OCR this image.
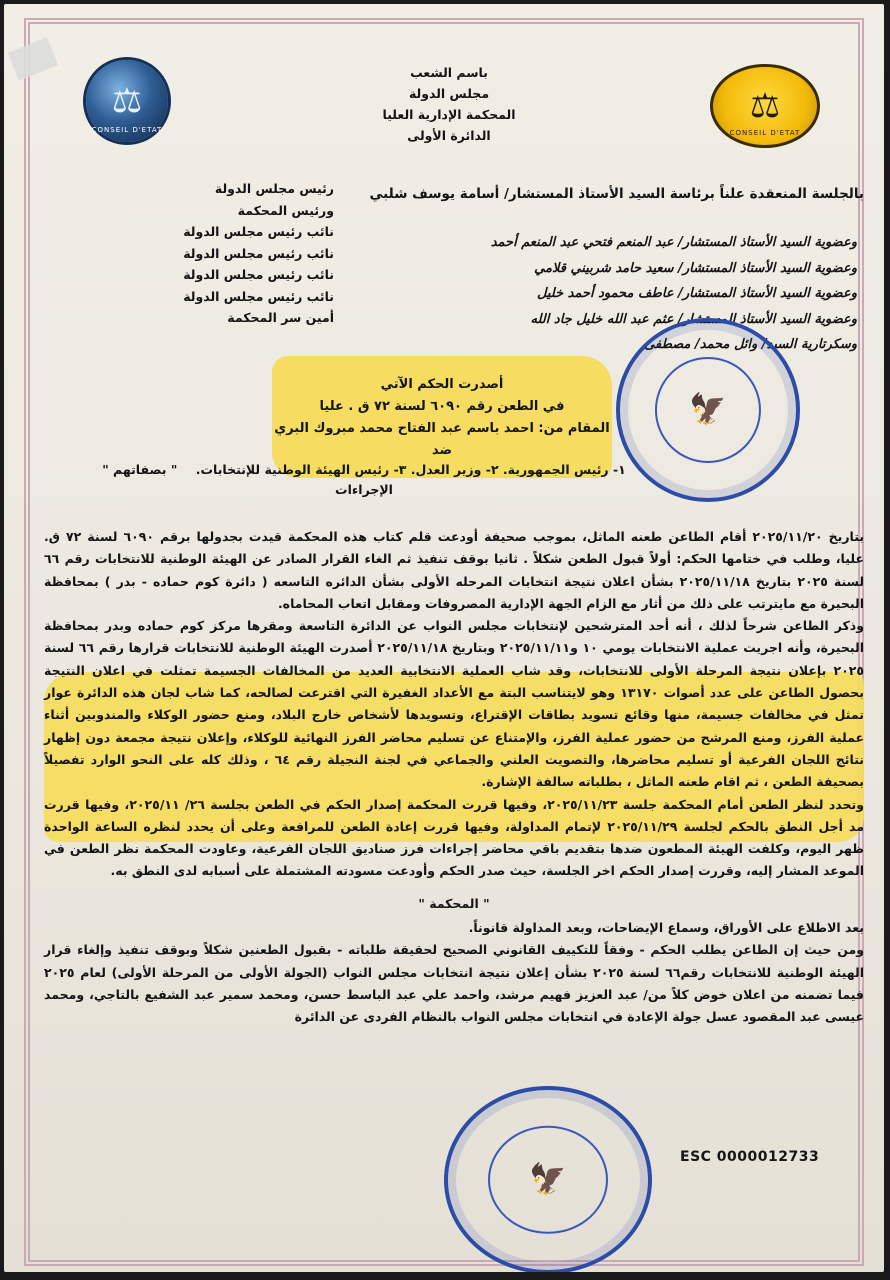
⚖
CONSEIL D'ETAT
⚖
CONSEIL D'ETAT
باسم الشعب
مجلس الدولة
المحكمة الإدارية العليا
الدائرة الأولى
بالجلسة المنعقدة علناً برئاسة السيد الأستاذ المستشار/ أسامة يوسف شلبي
رئيس مجلس الدولة
ورئيس المحكمة
نائب رئيس مجلس الدولة
نائب رئيس مجلس الدولة
نائب رئيس مجلس الدولة
نائب رئيس مجلس الدولة
أمين سر المحكمة
وعضوية السيد الأستاذ المستشار/ عبد المنعم فتحي عبد المنعم أحمد
وعضوية السيد الأستاذ المستشار/ سعيد حامد شربيني قلامي
وعضوية السيد الأستاذ المستشار/ عاطف محمود أحمد خليل
وعضوية السيد الأستاذ المستشار/ عثم عبد الله خليل جاد الله
وسكرتارية السيد/ وائل محمد/ مصطفى
🦅
أصدرت الحكم الآتي
في الطعن رقم ٦٠٩٠ لسنة ٧٢ ق . عليا
المقام من: احمد باسم عبد الفتاح محمد مبروك البري
ضد
١- رئيس الجمهورية. ٢- وزير العدل. ٣- رئيس الهيئة الوطنية للإنتخابات. " بصفاتهم "
الإجراءات

بتاريخ ٢٠٢٥/١١/٢٠ أقام الطاعن طعنه الماثل، بموجب صحيفة أودعت قلم كتاب هذه المحكمة قيدت بجدولها برقم ٦٠٩٠ لسنة ٧٢ ق. عليا، وطلب في ختامها الحكم: أولاً قبول الطعن شكلاً . ثانيا بوقف تنفيذ ثم الغاء القرار الصادر عن الهيئة الوطنية للانتخابات رقم ٦٦ لسنة ٢٠٢٥ بتاريخ ٢٠٢٥/١١/١٨ بشأن اعلان نتيجة انتخابات المرحله الأولى بشأن الدائره التاسعه ( دائرة كوم حماده - بدر ) بمحافظة البحيرة مع مايترتب على ذلك من أثار مع الزام الجهة الإدارية المصروفات ومقابل اتعاب المحاماه.

وذكر الطاعن شرحاً لذلك ، أنه أحد المترشحين لإنتخابات مجلس النواب عن الدائرة التاسعة ومقرها مركز كوم حماده وبدر بمحافظة البحيرة، وأنه اجريت عملية الانتخابات يومي ١٠ و٢٠٢٥/١١/١١ وبتاريخ ٢٠٢٥/١١/١٨ أصدرت الهيئة الوطنية للانتخابات قرارها رقم ٦٦ لسنة ٢٠٢٥ بإعلان نتيجة المرحلة الأولى للانتخابات، وقد شاب العملية الانتخابية العديد من المخالفات الجسيمة تمثلت في اعلان النتيجة بحصول الطاعن على عدد أصوات ١٣١٧٠ وهو لايتناسب البتة مع الأعداد الغفيرة التي اقترعت لصالحه، كما شاب لجان هذه الدائرة عوار تمثل في مخالفات جسيمة، منها وقائع تسويد بطاقات الإقتراع، وتسويدها لأشخاص خارج البلاد، ومنع حضور الوكلاء والمندوبين أثناء عملية الفرز، ومنع المرشح من حضور عملية الفرز، والإمتناع عن تسليم محاضر الفرز النهائية للوكلاء، وإعلان نتيجة مجمعة دون إظهار نتائج اللجان الفرعية أو تسليم محاضرها، والتصويت العلني والجماعي في لجنة النجيلة رقم ٦٤ ، وذلك كله على النحو الوارد تفصيلاً بصحيفة الطعن ، ثم اقام طعنه الماثل ، بطلباته سالفة الإشارة.

وتحدد لنظر الطعن أمام المحكمة جلسة ٢٠٢٥/١١/٢٣، وفيها قررت المحكمة إصدار الحكم في الطعن بجلسة ٢٦/ ٢٠٢٥/١١، وفيها قررت مد أجل النطق بالحكم لجلسة ٢٠٢٥/١١/٢٩ لإتمام المداولة، وفيها قررت إعادة الطعن للمرافعة وعلى أن يحدد لنظره الساعة الواحدة ظهر اليوم، وكلفت الهيئة المطعون ضدها بتقديم باقي محاضر إجراءات فرز صناديق اللجان الفرعية، وعاودت المحكمة نظر الطعن في الموعد المشار إليه، وقررت إصدار الحكم اخر الجلسة، حيث صدر الحكم وأودعت مسودته المشتملة على أسبابه لدى النطق به.

" المحكمة "

بعد الاطلاع على الأوراق، وسماع الإيضاحات، وبعد المداولة قانوناً.

ومن حيث إن الطاعن يطلب الحكم - وفقاً للتكييف القانوني الصحيح لحقيقة طلباته - بقبول الطعنين شكلاً وبوقف تنفيذ وإلغاء قرار الهيئة الوطنية للانتخابات رقم٦٦ لسنة ٢٠٢٥ بشأن إعلان نتيجة انتخابات مجلس النواب (الجولة الأولى من المرحلة الأولى) لعام ٢٠٢٥ فيما تضمنه من اعلان خوض كلاً من/ عبد العزيز فهيم مرشد، واحمد علي عبد الباسط حسن، ومحمد سمير عبد الشفيع بالتاجي، ومحمد عيسى عبد المقصود عسل جولة الإعادة في انتخابات مجلس النواب بالنظام الفردى عن الدائرة

🦅
ESC 0000012733
